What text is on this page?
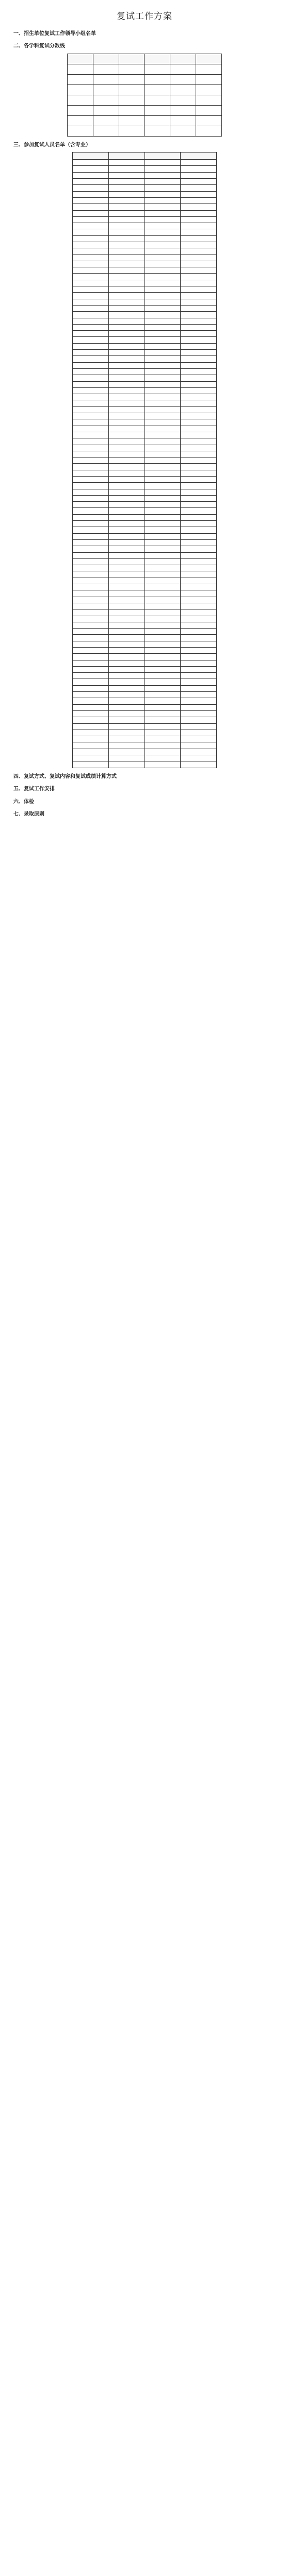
复试工作方案
一、招生单位复试工作领导小组名单

二、各学科复试分数线

三、参加复试人员名单（含专业）

四、复试方式、复试内容和复试成绩计算方式

五、复试工作安排

六、体检

七、录取原则
